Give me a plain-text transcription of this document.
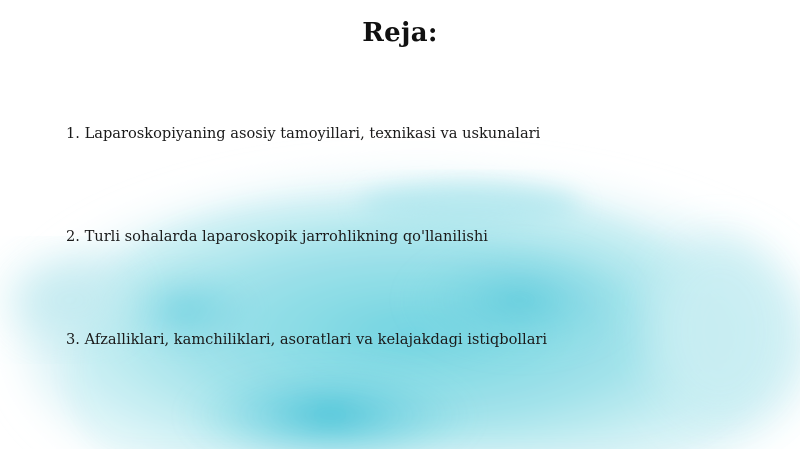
Reja:
1. Laparoskopiyaning asosiy tamoyillari, texnikasi va uskunalari
2. Turli sohalarda laparoskopik jarrohlikning qo'llanilishi
3. Afzalliklari, kamchiliklari, asoratlari va kelajakdagi istiqbollari
